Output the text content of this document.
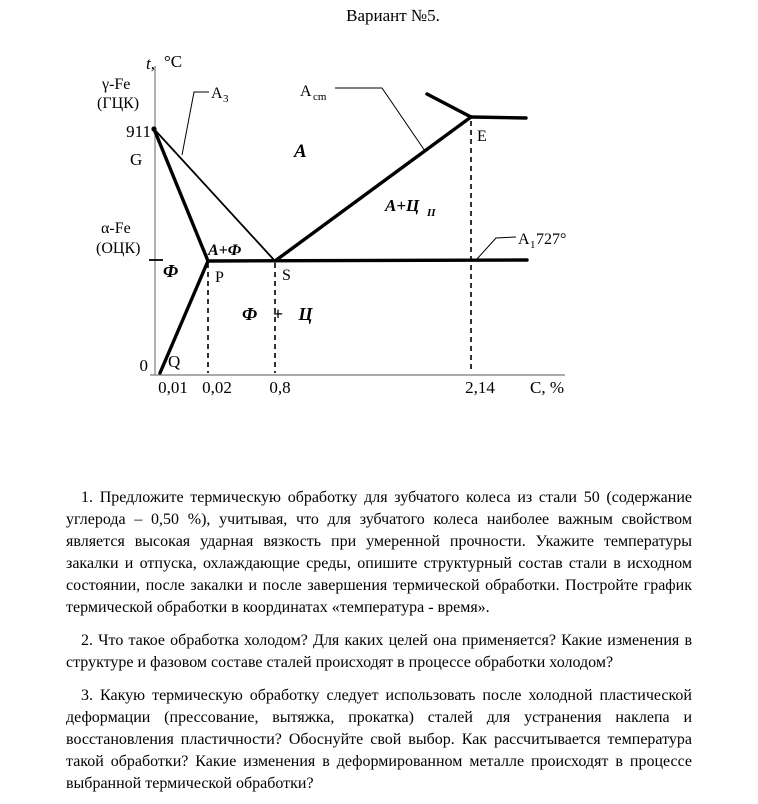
Вариант №5.
t, °C
911
0
0,01 0,02 0,8	2,14 С, %
γ-Fe
(ГЦК)
α-Fe
(ОЦК)
G
P	S
Q
E
А
А+Ф
Ф
Ф + Ц
А+Ц II
А 3	А cm
А 1 727°

1. Предложите термическую обработку для зубчатого колеса из стали 50 (содержание углерода – 0,50 %), учитывая, что для зубчатого колеса наиболее важным свойством является высокая ударная вязкость при умеренной прочности. Укажите температуры закалки и отпуска, охлаждающие среды, опишите структурный состав стали в исходном состоянии, после закалки и после завершения термической обработки. Постройте график термической обработки в координатах «температура - время».

2. Что такое обработка холодом? Для каких целей она применяется? Какие изменения в структуре и фазовом составе сталей происходят в процессе обработки холодом?

3. Какую термическую обработку следует использовать после холодной пластической деформации (прессование, вытяжка, прокатка) сталей для устранения наклепа и восстановления пластичности? Обоснуйте свой выбор. Как рассчитывается температура такой обработки? Какие изменения в деформированном металле происходят в процессе выбранной термической обработки?
